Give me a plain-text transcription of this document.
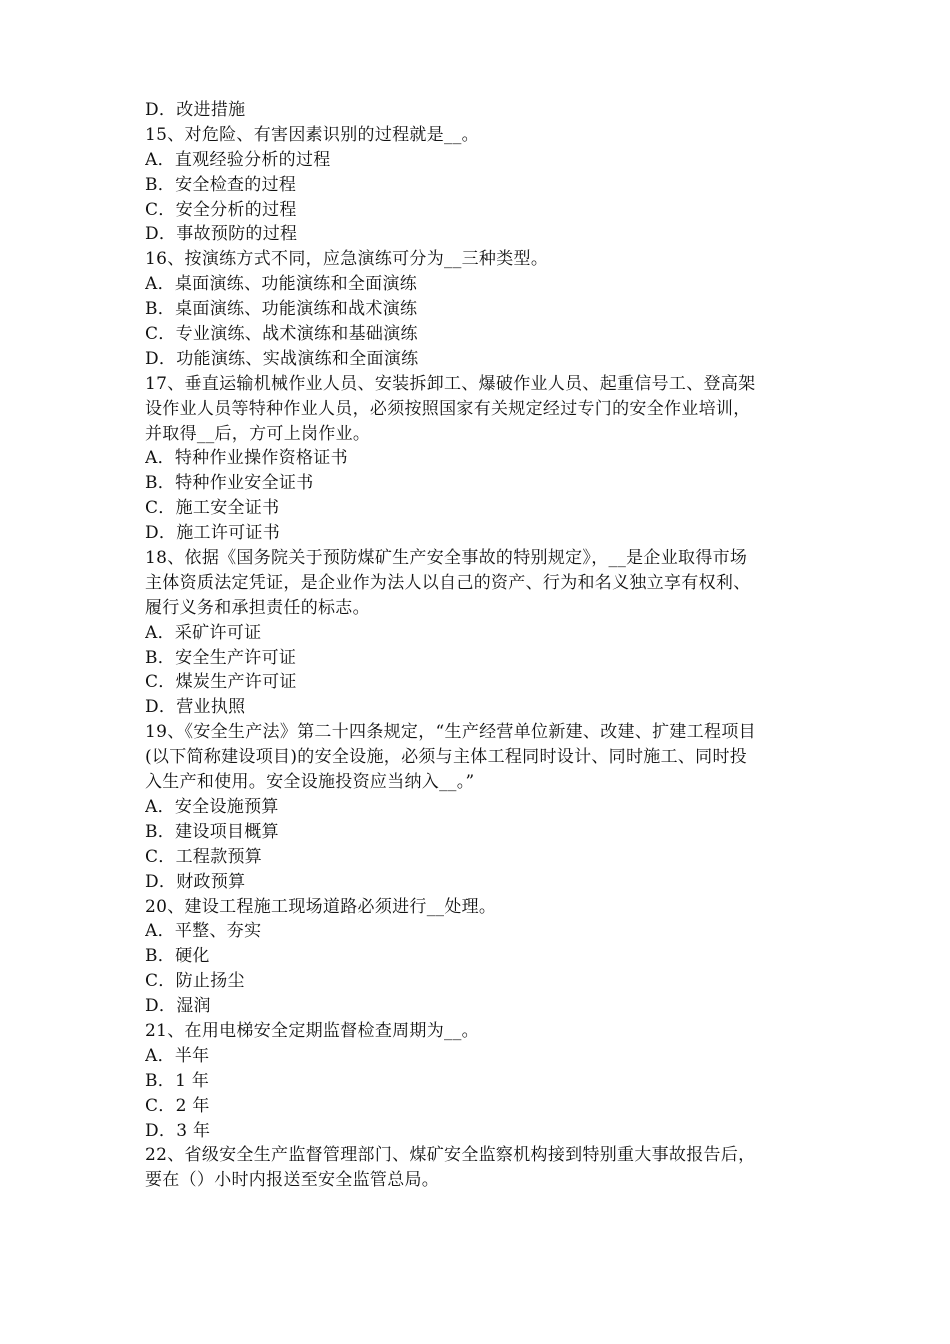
D．改进措施
15、对危险、有害因素识别的过程就是__。
A．直观经验分析的过程
B．安全检查的过程
C．安全分析的过程
D．事故预防的过程
16、按演练方式不同，应急演练可分为__三种类型。
A．桌面演练、功能演练和全面演练
B．桌面演练、功能演练和战术演练
C．专业演练、战术演练和基础演练
D．功能演练、实战演练和全面演练
17、垂直运输机械作业人员、安装拆卸工、爆破作业人员、起重信号工、登高架
设作业人员等特种作业人员，必须按照国家有关规定经过专门的安全作业培训，
并取得__后，方可上岗作业。
A．特种作业操作资格证书
B．特种作业安全证书
C．施工安全证书
D．施工许可证书
18、依据《国务院关于预防煤矿生产安全事故的特别规定》，__是企业取得市场
主体资质法定凭证，是企业作为法人以自己的资产、行为和名义独立享有权利、
履行义务和承担责任的标志。
A．采矿许可证
B．安全生产许可证
C．煤炭生产许可证
D．营业执照
19、《安全生产法》第二十四条规定，“生产经营单位新建、改建、扩建工程项目
(以下简称建设项目)的安全设施，必须与主体工程同时设计、同时施工、同时投
入生产和使用。安全设施投资应当纳入__。”
A．安全设施预算
B．建设项目概算
C．工程款预算
D．财政预算
20、建设工程施工现场道路必须进行__处理。
A．平整、夯实
B．硬化
C．防止扬尘
D．湿润
21、在用电梯安全定期监督检查周期为__。
A．半年
B．1 年
C．2 年
D．3 年
22、省级安全生产监督管理部门、煤矿安全监察机构接到特别重大事故报告后，
要在（）小时内报送至安全监管总局。
